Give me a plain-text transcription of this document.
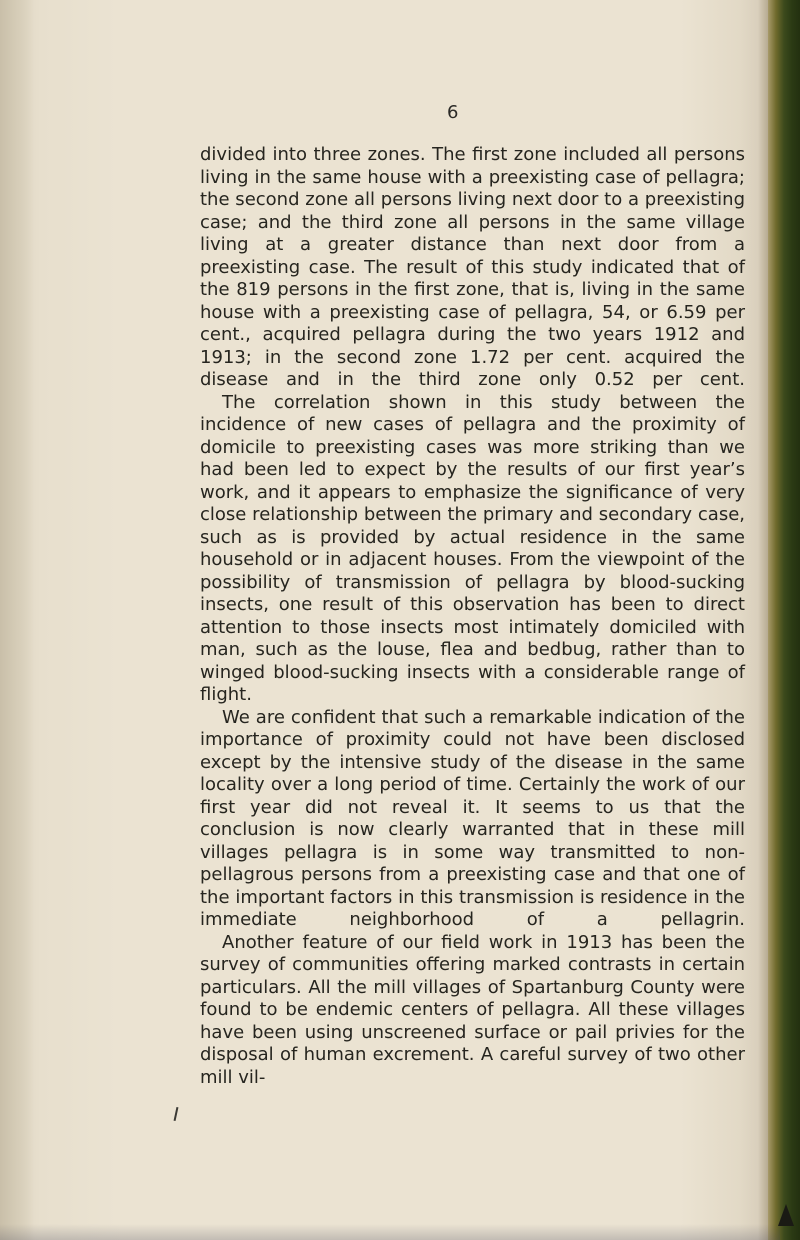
6

divided into three zones. The first zone included all persons living in the same house with a preexisting case of pellagra; the second zone all persons living next door to a preexisting case; and the third zone all persons in the same village living at a greater distance than next door from a preexisting case. The result of this study indicated that of the 819 persons in the first zone, that is, living in the same house with a preexisting case of pellagra, 54, or 6.59 per cent., acquired pellagra during the two years 1912 and 1913; in the second zone 1.72 per cent. acquired the disease and in the third zone only 0.52 per cent.

The correlation shown in this study between the incidence of new cases of pellagra and the proximity of domicile to preexisting cases was more striking than we had been led to expect by the results of our first year’s work, and it appears to emphasize the significance of very close relationship between the primary and secondary case, such as is provided by actual residence in the same household or in adjacent houses. From the viewpoint of the possibility of transmission of pellagra by blood-sucking insects, one result of this observation has been to direct attention to those insects most intimately domiciled with man, such as the louse, flea and bedbug, rather than to winged blood-sucking insects with a considerable range of flight.

We are confident that such a remarkable indication of the importance of proximity could not have been disclosed except by the intensive study of the disease in the same locality over a long period of time. Certainly the work of our first year did not reveal it. It seems to us that the conclusion is now clearly warranted that in these mill villages pellagra is in some way transmitted to non-pellagrous persons from a preexisting case and that one of the important factors in this transmission is residence in the immediate neighborhood of a pellagrin.

Another feature of our field work in 1913 has been the survey of communities offering marked contrasts in certain particulars. All the mill villages of Spartanburg County were found to be endemic centers of pellagra. All these villages have been using unscreened surface or pail privies for the disposal of human excrement. A careful survey of two other mill vil-
